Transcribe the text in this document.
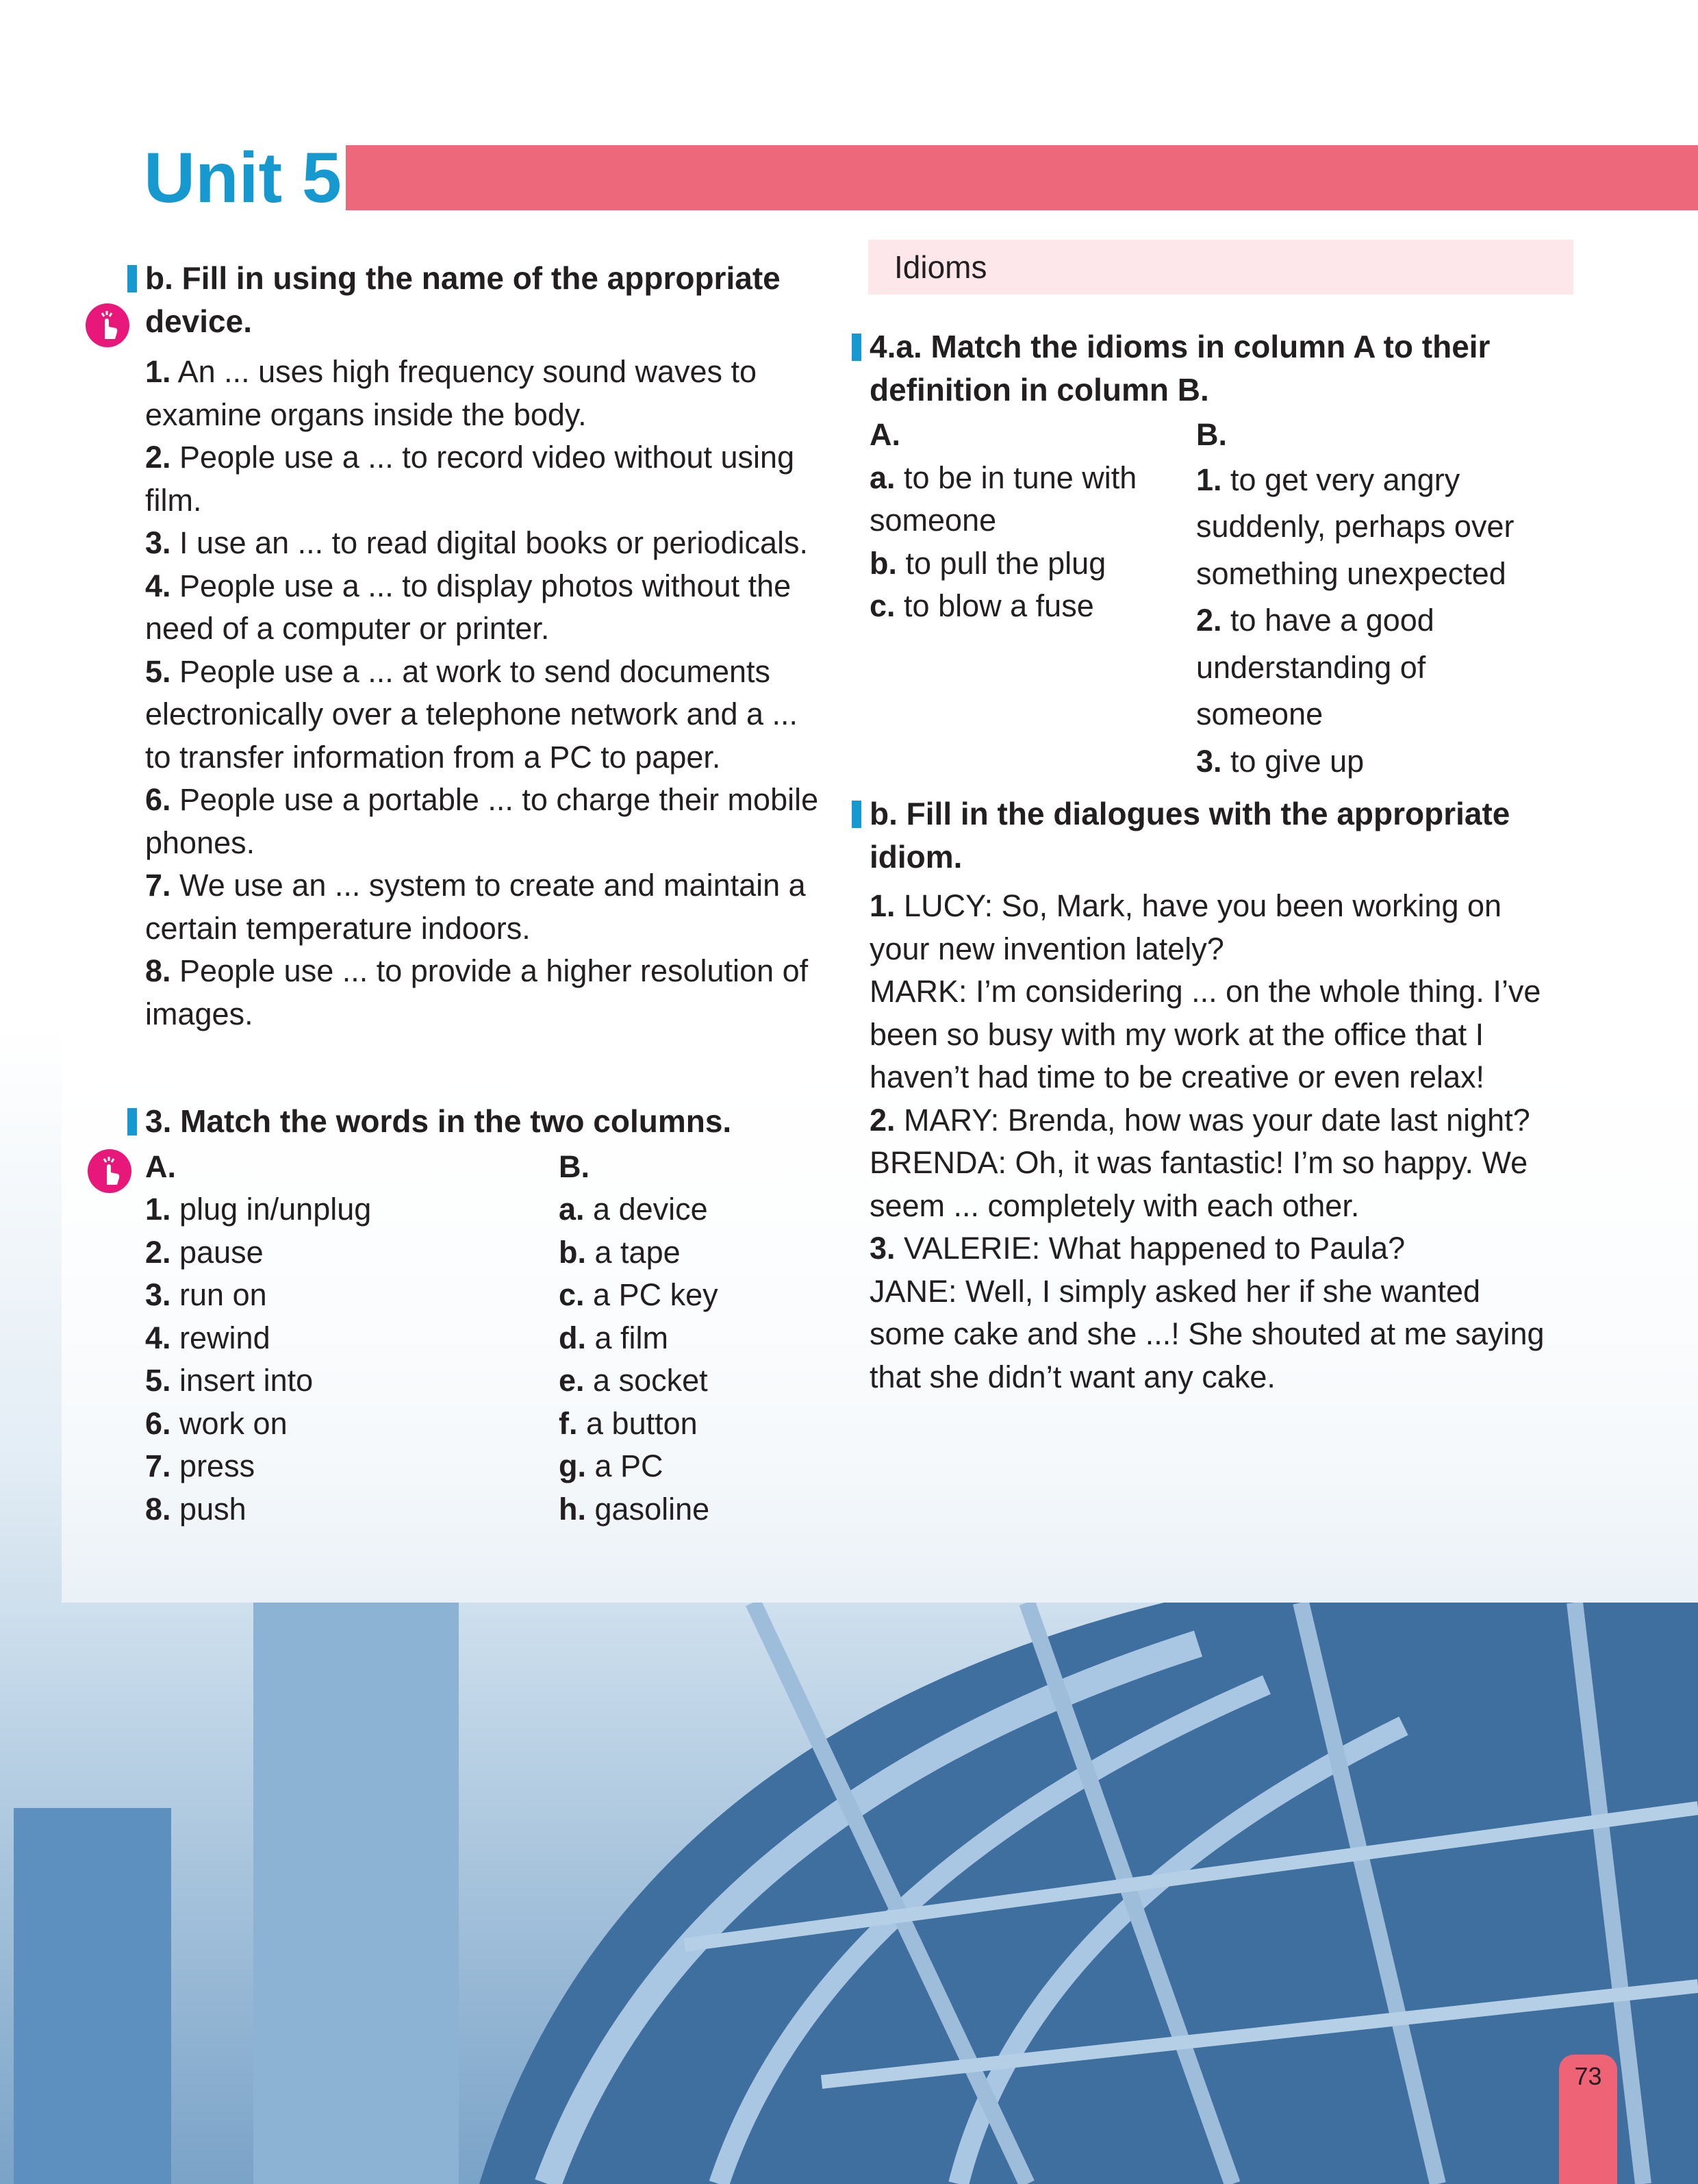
Unit 5
b. Fill in using the name of the appropriate device.
1. An ... uses high frequency sound waves to examine organs inside the body.
2. People use a ... to record video without using film.
3. I use an ... to read digital books or periodicals.
4. People use a ... to display photos without the need of a computer or printer.
5. People use a ... at work to send documents electronically over a telephone network and a ... to transfer information from a PC to paper.
6. People use a portable ... to charge their mobile phones.
7. We use an ... system to create and maintain a certain temperature indoors.
8. People use ... to provide a higher resolution of images.
3. Match the words in the two columns.
A.
1. plug in/unplug
2. pause
3. run on
4. rewind
5. insert into
6. work on
7. press
8. push
B.
a. a device
b. a tape
c. a PC key
d. a film
e. a socket
f. a button
g. a PC
h. gasoline
Idioms
4.a. Match the idioms in column A to their definition in column B.
A.
a. to be in tune with someone
b. to pull the plug
c. to blow a fuse
B.
1. to get very angry suddenly, perhaps over something unexpected
2. to have a good understanding of someone
3. to give up
b. Fill in the dialogues with the appropriate idiom.
1. LUCY: So, Mark, have you been working on your new invention lately?
MARK: I’m considering ... on the whole thing. I’ve been so busy with my work at the office that I haven’t had time to be creative or even relax!
2. MARY: Brenda, how was your date last night?
BRENDA: Oh, it was fantastic! I’m so happy. We seem ... completely with each other.
3. VALERIE: What happened to Paula?
JANE: Well, I simply asked her if she wanted some cake and she ...! She shouted at me saying that she didn’t want any cake.
73
